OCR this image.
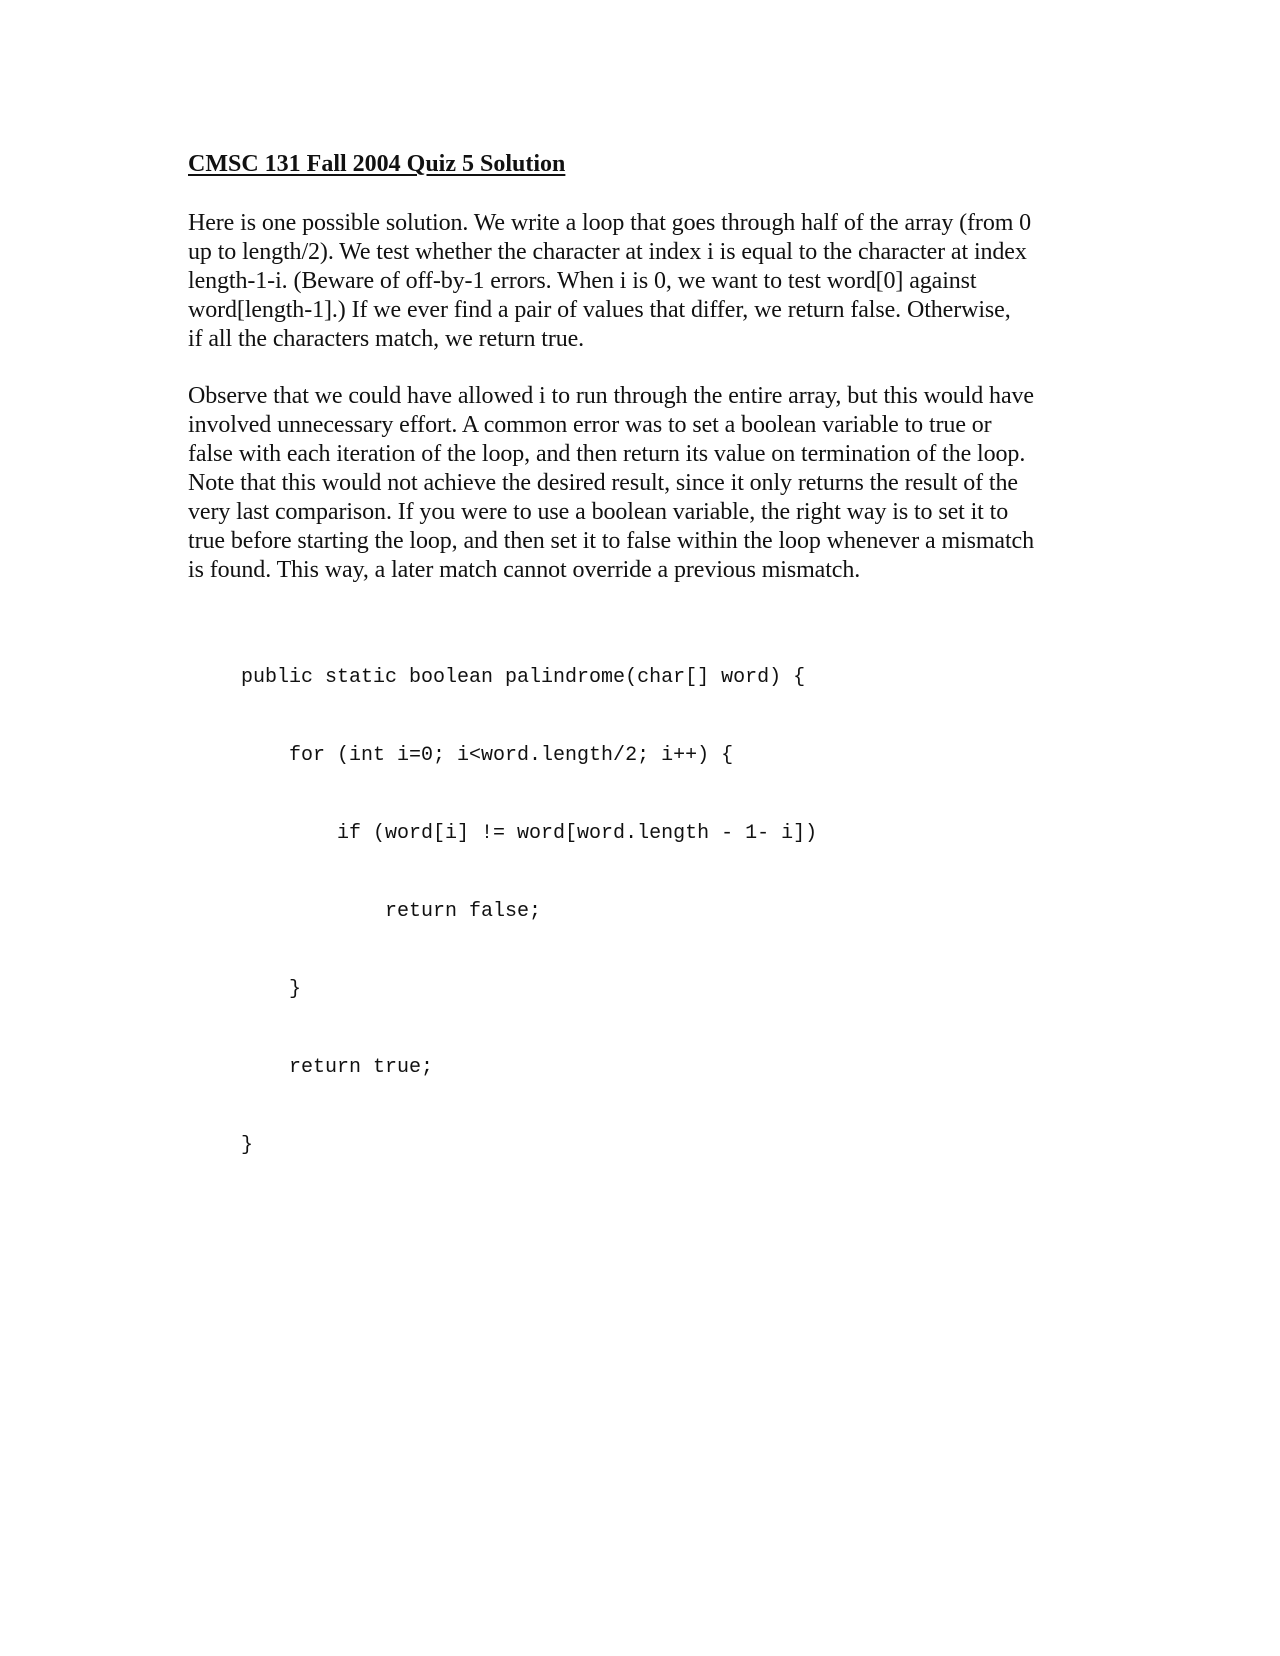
CMSC 131 Fall 2004 Quiz 5 Solution

Here is one possible solution. We write a loop that goes through half of the array (from 0
up to length/2). We test whether the character at index i is equal to the character at index
length-1-i. (Beware of off-by-1 errors. When i is 0, we want to test word[0] against
word[length-1].) If we ever find a pair of values that differ, we return false. Otherwise,
if all the characters match, we return true.

Observe that we could have allowed i to run through the entire array, but this would have
involved unnecessary effort. A common error was to set a boolean variable to true or
false with each iteration of the loop, and then return its value on termination of the loop.
Note that this would not achieve the desired result, since it only returns the result of the
very last comparison. If you were to use a boolean variable, the right way is to set it to
true before starting the loop, and then set it to false within the loop whenever a mismatch
is found. This way, a later match cannot override a previous mismatch.

public static boolean palindrome(char[] word) {

for (int i=0; i<word.length/2; i++) {

if (word[i] != word[word.length - 1- i])

return false;

}

return true;

}
